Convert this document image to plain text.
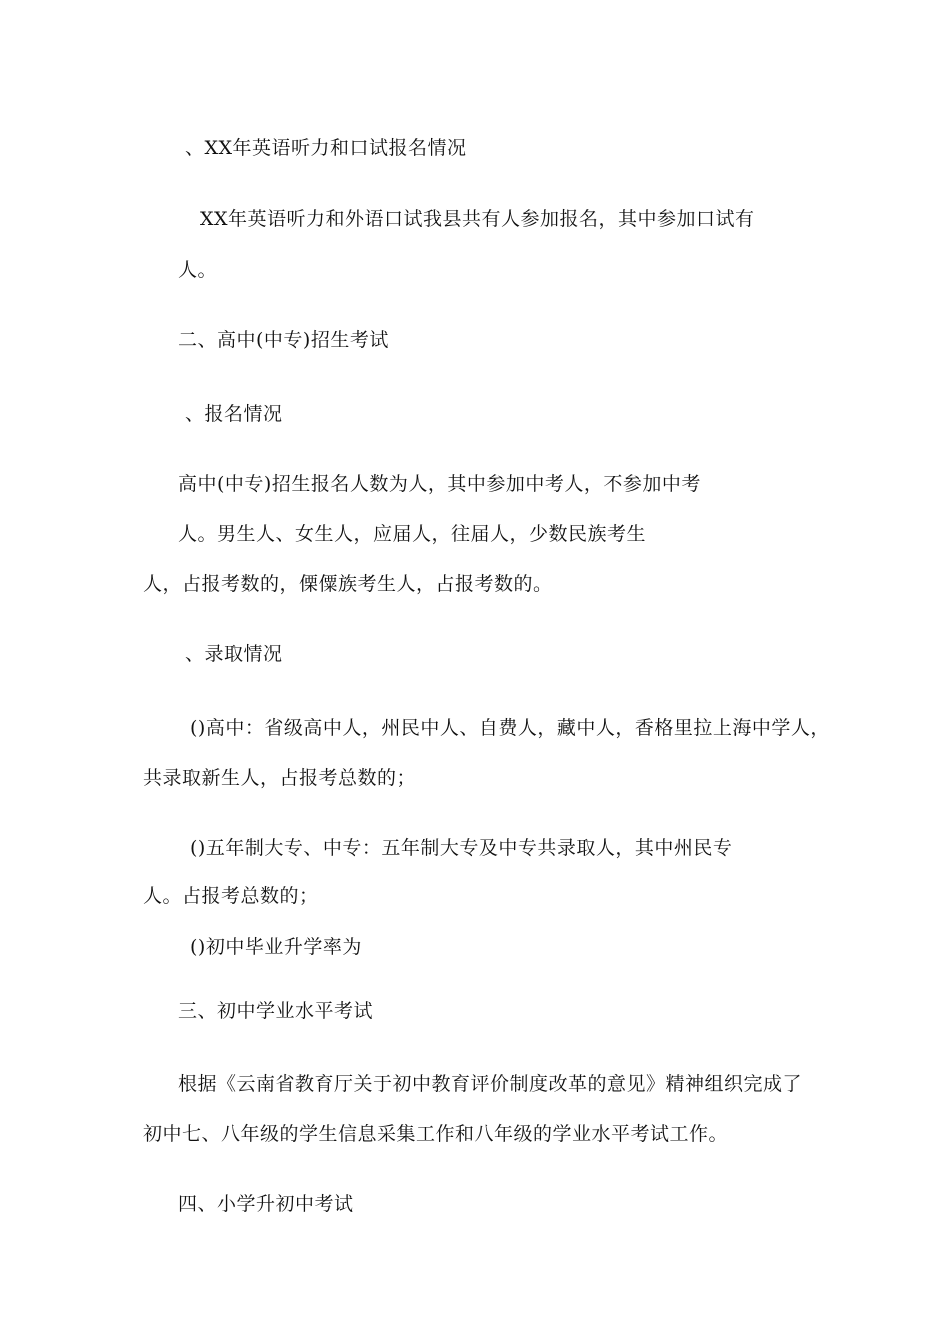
、XX年英语听力和口试报名情况
XX年英语听力和外语口试我县共有人参加报名，其中参加口试有
人。
二、高中(中专)招生考试
、报名情况
高中(中专)招生报名人数为人，其中参加中考人，不参加中考
人。男生人、女生人，应届人，往届人，少数民族考生
人，占报考数的，傈僳族考生人，占报考数的。
、录取情况
()高中：省级高中人，州民中人、自费人，藏中人，香格里拉上海中学人，
共录取新生人，占报考总数的；
()五年制大专、中专：五年制大专及中专共录取人，其中州民专
人。占报考总数的；
()初中毕业升学率为
三、初中学业水平考试
根据《云南省教育厅关于初中教育评价制度改革的意见》精神组织完成了
初中七、八年级的学生信息采集工作和八年级的学业水平考试工作。
四、小学升初中考试
